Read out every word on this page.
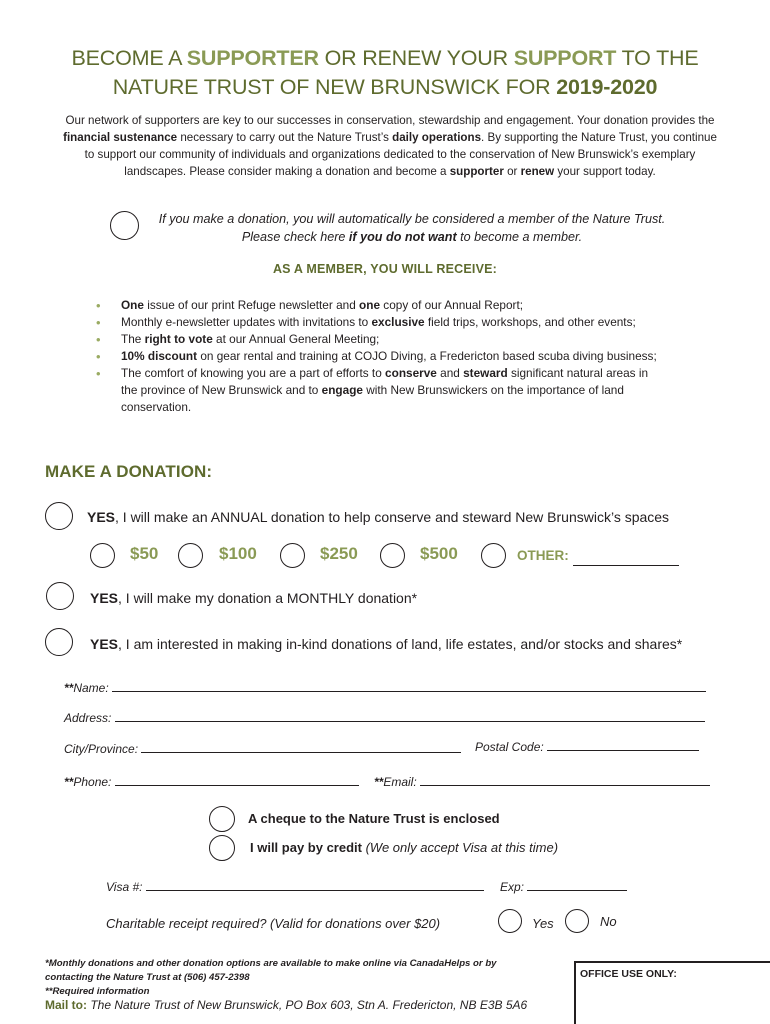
BECOME A SUPPORTER OR RENEW YOUR SUPPORT TO THE
NATURE TRUST OF NEW BRUNSWICK FOR 2019-2020
Our network of supporters are key to our successes in conservation, stewardship and engagement. Your donation provides the financial sustenance necessary to carry out the Nature Trust’s daily operations. By supporting the Nature Trust, you continue to support our community of individuals and organizations dedicated to the conservation of New Brunswick’s exemplary landscapes. Please consider making a donation and become a supporter or renew your support today.
If you make a donation, you will automatically be considered a member of the Nature Trust. Please check here if you do not want to become a member.
AS A MEMBER, YOU WILL RECEIVE:
• One issue of our print Refuge newsletter and one copy of our Annual Report;
• Monthly e-newsletter updates with invitations to exclusive field trips, workshops, and other events;
• The right to vote at our Annual General Meeting;
• 10% discount on gear rental and training at COJO Diving, a Fredericton based scuba diving business;
• The comfort of knowing you are a part of efforts to conserve and steward significant natural areas in the province of New Brunswick and to engage with New Brunswickers on the importance of land conservation.
MAKE A DONATION:
YES, I will make an ANNUAL donation to help conserve and steward New Brunswick’s spaces
$50	$100	$250	$500	OTHER:
YES, I will make my donation a MONTHLY donation*
YES, I am interested in making in-kind donations of land, life estates, and/or stocks and shares*
**Name:
Address:
City/Province:	Postal Code:
**Phone:	**Email:
A cheque to the Nature Trust is enclosed
I will pay by credit (We only accept Visa at this time)
Visa #:	Exp:
Charitable receipt required? (Valid for donations over $20)	Yes	No
*Monthly donations and other donation options are available to make online via CanadaHelps or by contacting the Nature Trust at (506) 457-2398
**Required information
Mail to: The Nature Trust of New Brunswick, PO Box 603, Stn A. Fredericton, NB E3B 5A6
OFFICE USE ONLY:
